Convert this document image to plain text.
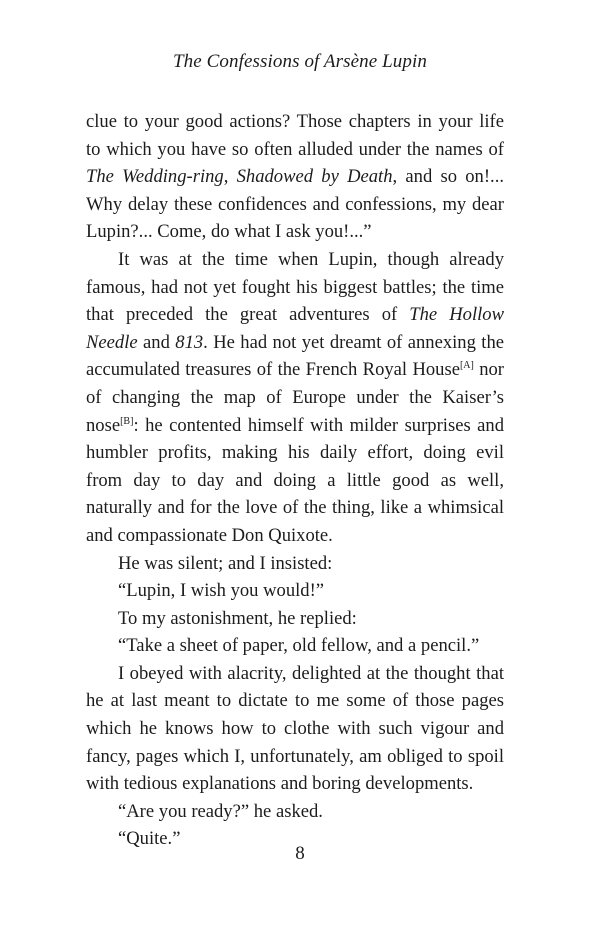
The Confessions of Arsène Lupin

clue to your good actions? Those chapters in your life to which you have so often alluded under the names of The Wedding-ring, Shadowed by Death, and so on!... Why delay these confidences and confessions, my dear Lupin?... Come, do what I ask you!...”

It was at the time when Lupin, though already famous, had not yet fought his biggest battles; the time that preceded the great adventures of The Hollow Needle and 813. He had not yet dreamt of annexing the accumulated treasures of the French Royal House[A] nor of changing the map of Europe under the Kaiser’s nose[B]: he contented himself with milder surprises and humbler profits, making his daily effort, doing evil from day to day and doing a little good as well, naturally and for the love of the thing, like a whimsical and compassionate Don Quixote.

He was silent; and I insisted:

“Lupin, I wish you would!”

To my astonishment, he replied:

“Take a sheet of paper, old fellow, and a pencil.”

I obeyed with alacrity, delighted at the thought that he at last meant to dictate to me some of those pages which he knows how to clothe with such vigour and fancy, pages which I, unfortunately, am obliged to spoil with tedious explanations and boring developments.

“Are you ready?” he asked.

“Quite.”

8
